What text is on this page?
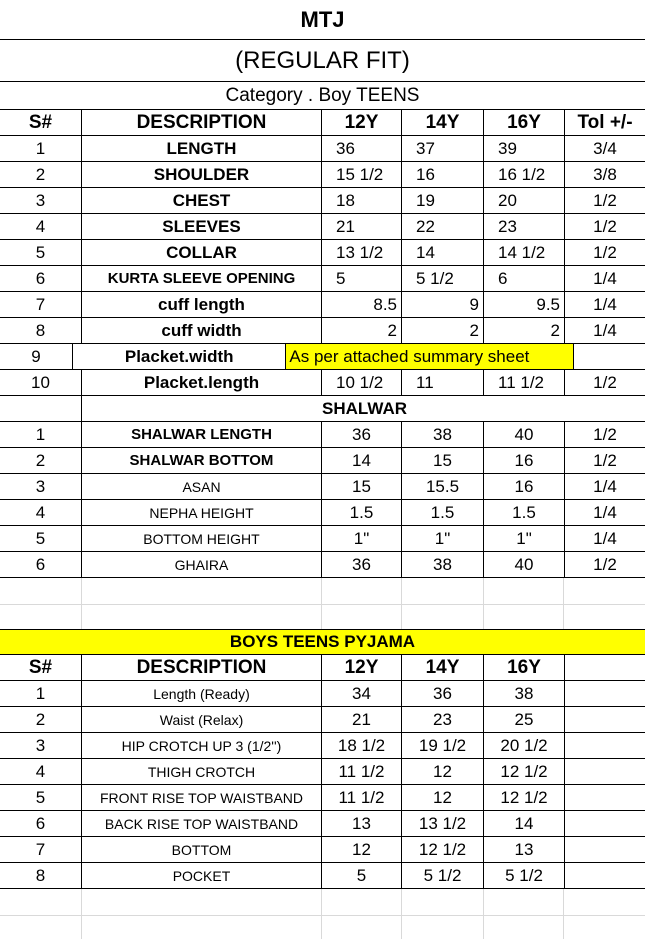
MTJ
(REGULAR FIT)
Category . Boy TEENS
S#	DESCRIPTION	12Y	14Y	16Y	Tol +/-
1	LENGTH	36	37	39	3/4
2	SHOULDER	15 1/2	16	16 1/2	3/8
3	CHEST	18	19	20	1/2
4	SLEEVES	21	22	23	1/2
5	COLLAR	13 1/2	14	14 1/2	1/2
6	KURTA SLEEVE OPENING	5	5 1/2	6	1/4
7	cuff length	8.5	9	9.5	1/4
8	cuff width	2	2	2	1/4
9	Placket.width	As per attached summary sheet
10	Placket.length	10 1/2	11	11 1/2	1/2
SHALWAR
1	SHALWAR LENGTH	36	38	40	1/2
2	SHALWAR BOTTOM	14	15	16	1/2
3	ASAN	15	15.5	16	1/4
4	NEPHA HEIGHT	1.5	1.5	1.5	1/4
5	BOTTOM HEIGHT	1"	1"	1"	1/4
6	GHAIRA	36	38	40	1/2
BOYS TEENS PYJAMA
S#	DESCRIPTION	12Y	14Y	16Y
1	Length (Ready)	34	36	38
2	Waist (Relax)	21	23	25
3	HIP CROTCH UP 3 (1/2'')	18 1/2	19 1/2	20 1/2
4	THIGH CROTCH	11 1/2	12	12 1/2
5	FRONT RISE TOP WAISTBAND	11 1/2	12	12 1/2
6	BACK RISE TOP WAISTBAND	13	13 1/2	14
7	BOTTOM	12	12 1/2	13
8	POCKET	5	5 1/2	5 1/2
